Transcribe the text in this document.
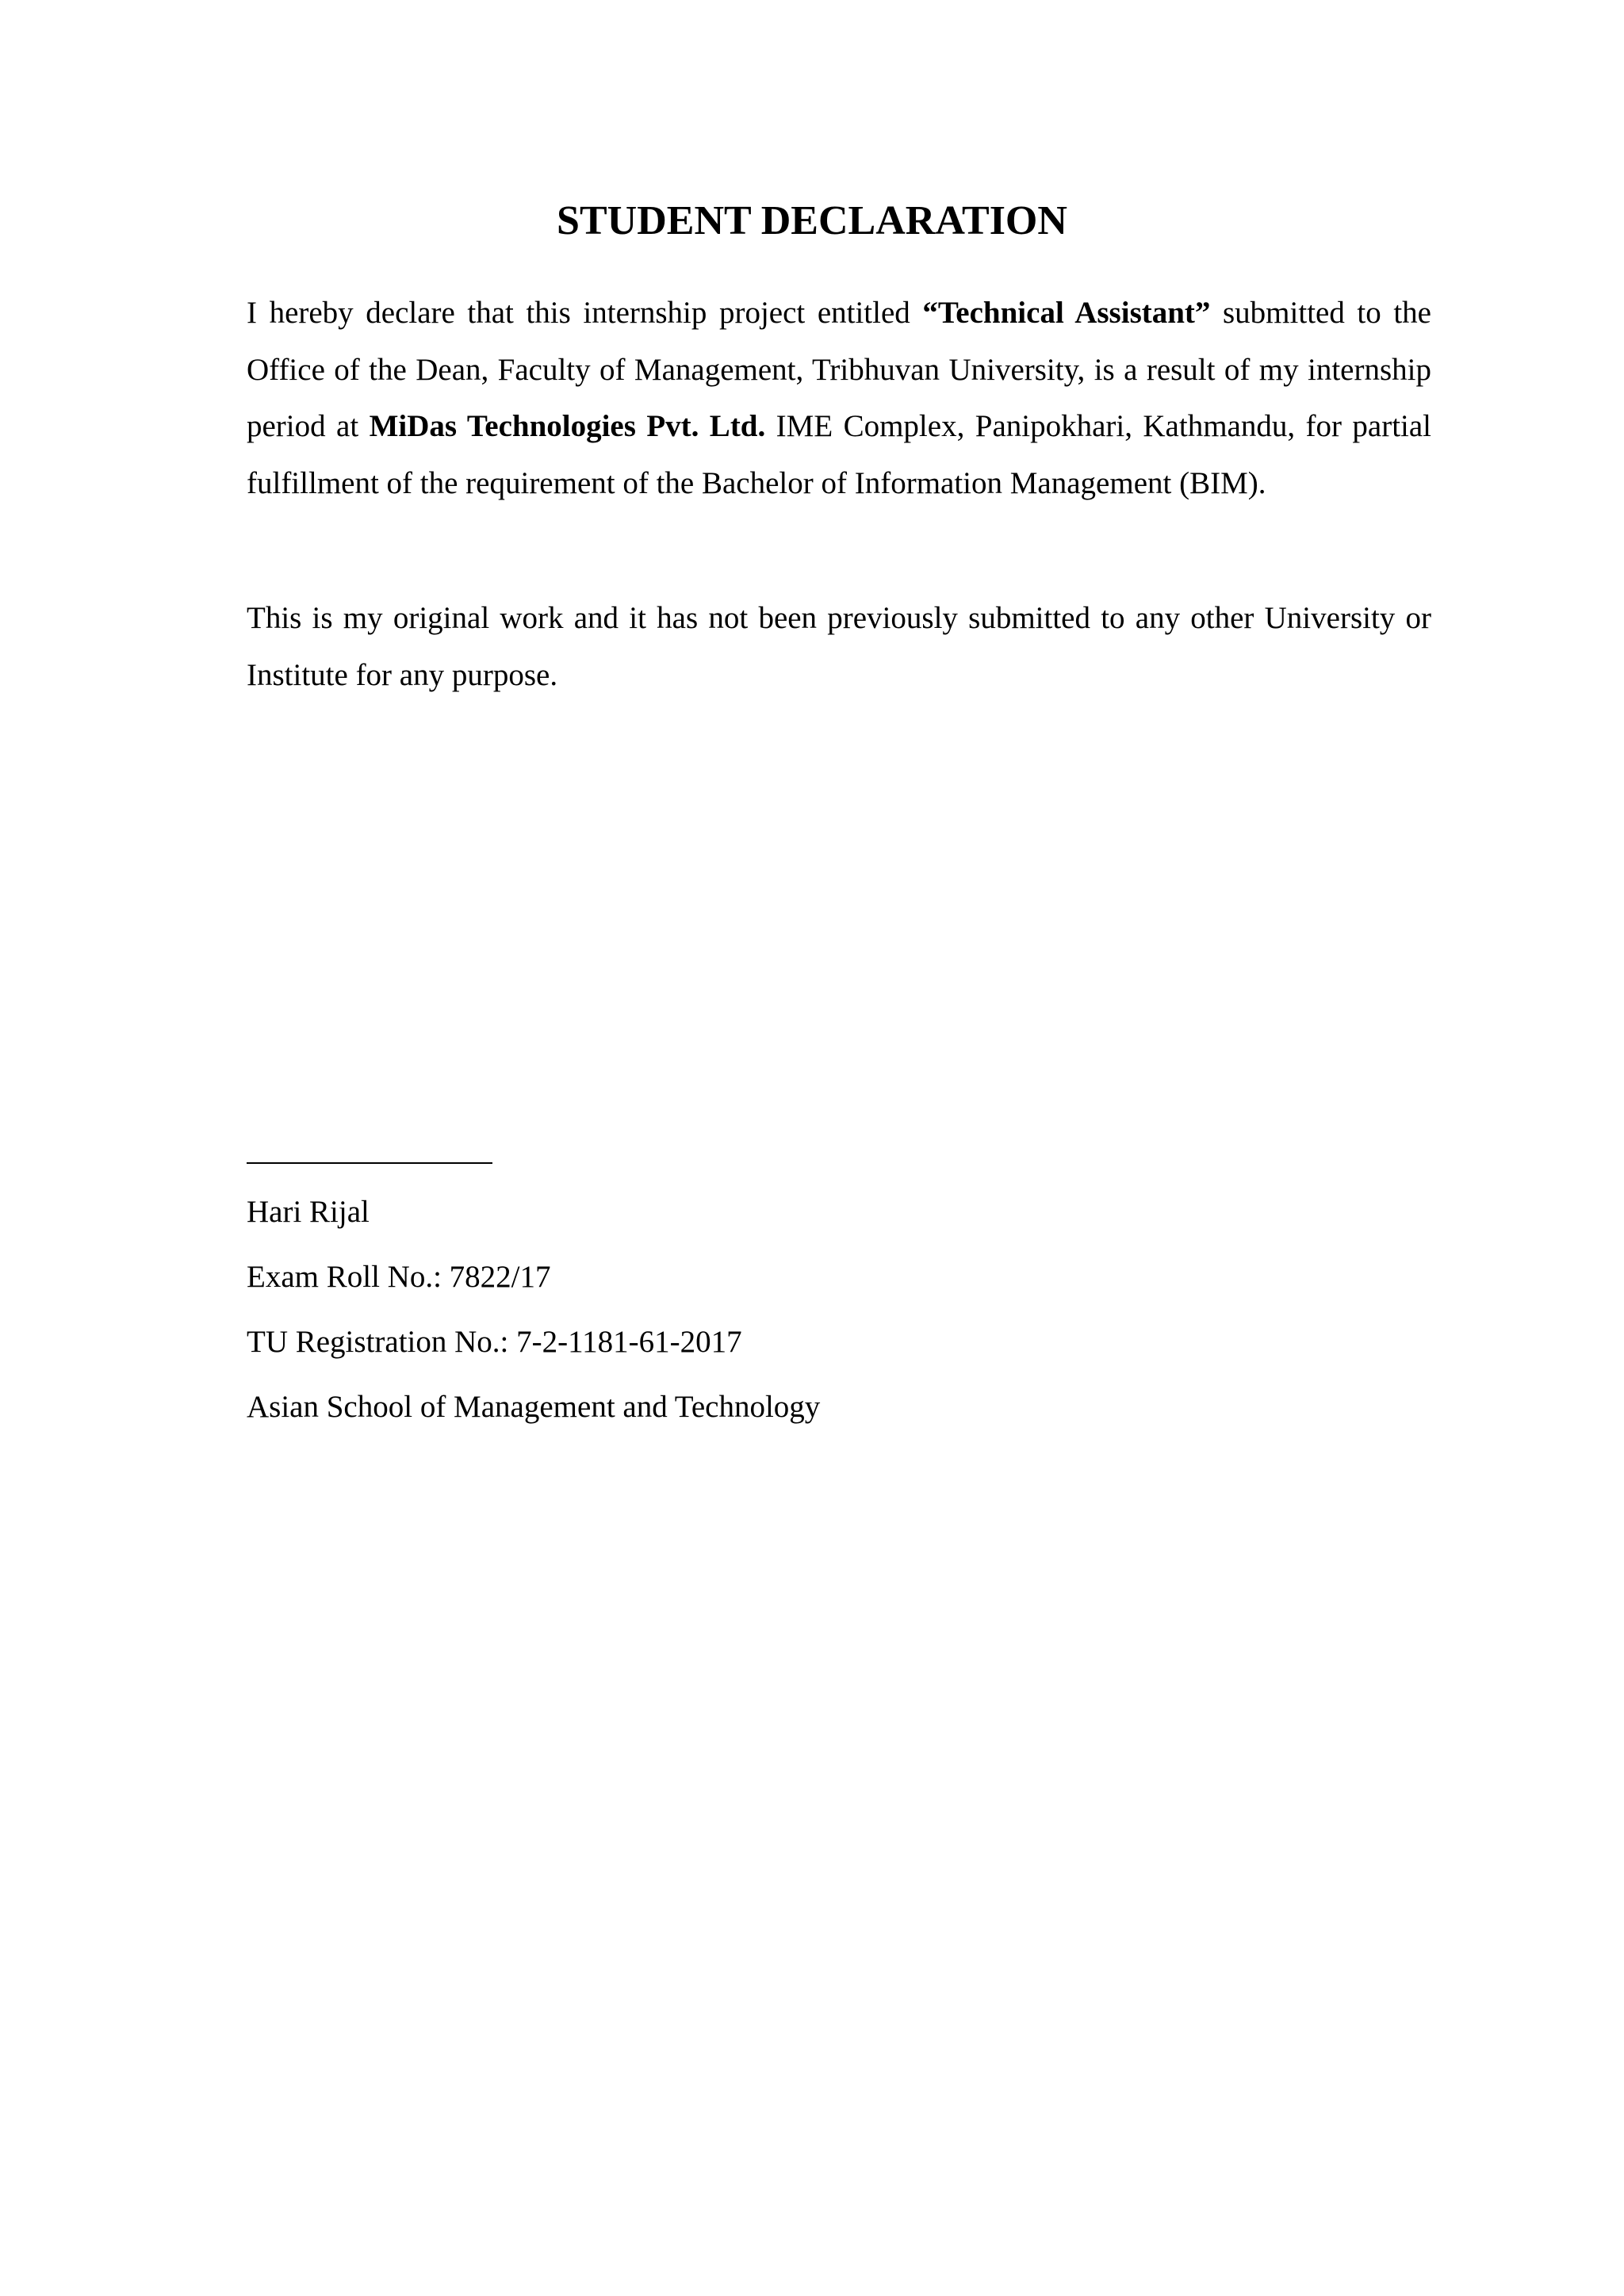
STUDENT DECLARATION

I hereby declare that this internship project entitled “Technical Assistant” submitted to the Office of the Dean, Faculty of Management, Tribhuvan University, is a result of my internship period at MiDas Technologies Pvt. Ltd. IME Complex, Panipokhari, Kathmandu, for partial fulfillment of the requirement of the Bachelor of Information Management (BIM).

This is my original work and it has not been previously submitted to any other University or Institute for any purpose.

Hari Rijal
Exam Roll No.: 7822/17
TU Registration No.: 7-2-1181-61-2017
Asian School of Management and Technology
